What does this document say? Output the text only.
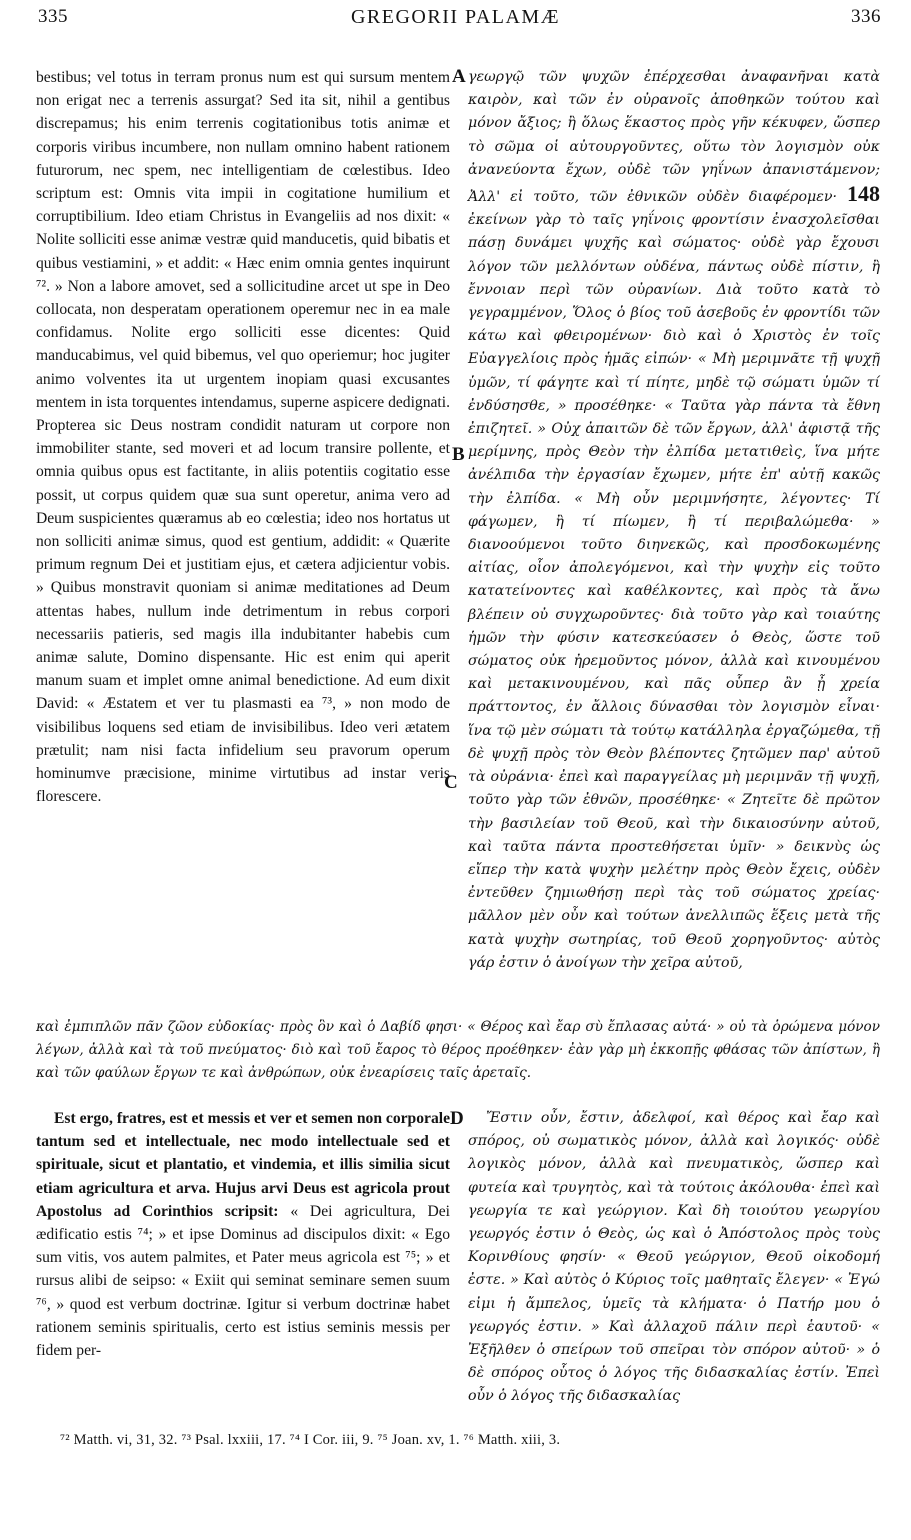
335	GREGORII PALAMÆ	336
A
B
C
D

bestibus; vel totus in terram pronus num est qui sursum mentem non erigat nec a terrenis assurgat? Sed ita sit, nihil a gentibus discrepamus; his enim terrenis cogitationibus totis animæ et corporis viribus incumbere, non nullam omnino habent rationem futurorum, nec spem, nec intelligentiam de cœlestibus. Ideo scriptum est: Omnis vita impii in cogitatione humilium et corruptibilium. Ideo etiam Christus in Evangeliis ad nos dixit: « Nolite solliciti esse animæ vestræ quid manducetis, quid bibatis et quibus vestiamini, » et addit: « Hæc enim omnia gentes inquirunt ⁷². » Non a labore amovet, sed a sollicitudine arcet ut spe in Deo collocata, non desperatam operationem operemur nec in ea male confidamus. Nolite ergo solliciti esse dicentes: Quid manducabimus, vel quid bibemus, vel quo operiemur; hoc jugiter animo volventes ita ut urgentem inopiam quasi excusantes mentem in ista torquentes intendamus, superne aspicere dedignati. Propterea sic Deus nostram condidit naturam ut corpore non immobiliter stante, sed moveri et ad locum transire pollente, et omnia quibus opus est factitante, in aliis potentiis cogitatio esse possit, ut corpus quidem quæ sua sunt operetur, anima vero ad Deum suspicientes quæramus ab eo cœlestia; ideo nos hortatus ut non solliciti animæ simus, quod est gentium, addidit: « Quærite primum regnum Dei et justitiam ejus, et cætera adjicientur vobis. » Quibus monstravit quoniam si animæ meditationes ad Deum attentas habes, nullum inde detrimentum in rebus corpori necessariis patieris, sed magis illa indubitanter habebis cum animæ salute, Domino dispensante. Hic est enim qui aperit manum suam et implet omne animal benedictione. Ad eum dixit David: « Æstatem et ver tu plasmasti ea ⁷³, » non modo de visibilibus loquens sed etiam de invisibilibus. Ideo veri ætatem prætulit; nam nisi facta infidelium seu pravorum operum hominumve præcisione, minime virtutibus ad instar veris florescere.

γεωργῷ τῶν ψυχῶν ἐπέρχεσθαι ἀναφανῆναι κατὰ καιρὸν, καὶ τῶν ἐν οὐρανοῖς ἀποθηκῶν τούτου καὶ μόνον ἄξιος; ἢ ὅλως ἕκαστος πρὸς γῆν κέκυφεν, ὥσπερ τὸ σῶμα οἱ αὐτουργοῦντες, οὕτω τὸν λογισμὸν οὐκ ἀνανεύοντα ἔχων, οὐδὲ τῶν γηΐνων ἀπανιστάμενον; Ἀλλ' εἰ τοῦτο, τῶν ἐθνικῶν οὐδὲν διαφέρομεν· 148 ἐκείνων γὰρ τὸ ταῖς γηΐνοις φροντίσιν ἐνασχολεῖσθαι πάσῃ δυνάμει ψυχῆς καὶ σώματος· οὐδὲ γὰρ ἔχουσι λόγον τῶν μελλόντων οὐδένα, πάντως οὐδὲ πίστιν, ἢ ἔννοιαν περὶ τῶν οὐρανίων. Διὰ τοῦτο κατὰ τὸ γεγραμμένον, Ὅλος ὁ βίος τοῦ ἀσεβοῦς ἐν φροντίδι τῶν κάτω καὶ φθειρομένων· διὸ καὶ ὁ Χριστὸς ἐν τοῖς Εὐαγγελίοις πρὸς ἡμᾶς εἰπών· « Μὴ μεριμνᾶτε τῇ ψυχῇ ὑμῶν, τί φάγητε καὶ τί πίητε, μηδὲ τῷ σώματι ὑμῶν τί ἐνδύσησθε, » προσέθηκε· « Ταῦτα γὰρ πάντα τὰ ἔθνη ἐπιζητεῖ. » Οὐχ ἀπαιτῶν δὲ τῶν ἔργων, ἀλλ' ἀφιστᾷ τῆς μερίμνης, πρὸς Θεὸν τὴν ἐλπίδα μετατιθεὶς, ἵνα μήτε ἀνέλπιδα τὴν ἐργασίαν ἔχωμεν, μήτε ἐπ' αὐτῇ κακῶς τὴν ἐλπίδα. « Μὴ οὖν μεριμνήσητε, λέγοντες· Τί φάγωμεν, ἢ τί πίωμεν, ἢ τί περιβαλώμεθα· » διανοούμενοι τοῦτο διηνεκῶς, καὶ προσδοκωμένης αἰτίας, οἷον ἀπολεγόμενοι, καὶ τὴν ψυχὴν εἰς τοῦτο κατατείνοντες καὶ καθέλκοντες, καὶ πρὸς τὰ ἄνω βλέπειν οὐ συγχωροῦντες· διὰ τοῦτο γὰρ καὶ τοιαύτης ἡμῶν τὴν φύσιν κατεσκεύασεν ὁ Θεὸς, ὥστε τοῦ σώματος οὐκ ἠρεμοῦντος μόνον, ἀλλὰ καὶ κινουμένου καὶ μετακινουμένου, καὶ πᾶς οὗπερ ἂν ᾖ χρεία πράττοντος, ἐν ἄλλοις δύνασθαι τὸν λογισμὸν εἶναι· ἵνα τῷ μὲν σώματι τὰ τούτῳ κατάλληλα ἐργαζώμεθα, τῇ δὲ ψυχῇ πρὸς τὸν Θεὸν βλέποντες ζητῶμεν παρ' αὐτοῦ τὰ οὐράνια· ἐπεὶ καὶ παραγγείλας μὴ μεριμνᾶν τῇ ψυχῇ, τοῦτο γὰρ τῶν ἐθνῶν, προσέθηκε· « Ζητεῖτε δὲ πρῶτον τὴν βασιλείαν τοῦ Θεοῦ, καὶ τὴν δικαιοσύνην αὐτοῦ, καὶ ταῦτα πάντα προστεθήσεται ὑμῖν· » δεικνὺς ὡς εἴπερ τὴν κατὰ ψυχὴν μελέτην πρὸς Θεὸν ἔχεις, οὐδὲν ἐντεῦθεν ζημιωθήσῃ περὶ τὰς τοῦ σώματος χρείας· μᾶλλον μὲν οὖν καὶ τούτων ἀνελλιπῶς ἕξεις μετὰ τῆς κατὰ ψυχὴν σωτηρίας, τοῦ Θεοῦ χορηγοῦντος· αὐτὸς γάρ ἐστιν ὁ ἀνοίγων τὴν χεῖρα αὐτοῦ,

καὶ ἐμπιπλῶν πᾶν ζῶον εὐδοκίας· πρὸς ὃν καὶ ὁ Δαβίδ φησι· « Θέρος καὶ ἔαρ σὺ ἔπλασας αὐτά· » οὐ τὰ ὁρώμενα μόνον λέγων, ἀλλὰ καὶ τὰ τοῦ πνεύματος· διὸ καὶ τοῦ ἔαρος τὸ θέρος προέθηκεν· ἐὰν γὰρ μὴ ἐκκοπῇς φθάσας τῶν ἀπίστων, ἢ καὶ τῶν φαύλων ἔργων τε καὶ ἀνθρώπων, οὐκ ἐνεαρίσεις ταῖς ἀρεταῖς.

Est ergo, fratres, est et messis et ver et semen non corporale tantum sed et intellectuale, nec modo intellectuale sed et spirituale, sicut et plantatio, et vindemia, et illis similia sicut etiam agricultura et arva. Hujus arvi Deus est agricola prout Apostolus ad Corinthios scripsit: « Dei agricultura, Dei ædificatio estis ⁷⁴; » et ipse Dominus ad discipulos dixit: « Ego sum vitis, vos autem palmites, et Pater meus agricola est ⁷⁵; » et rursus alibi de seipso: « Exiit qui seminat seminare semen suum ⁷⁶, » quod est verbum doctrinæ. Igitur si verbum doctrinæ habet rationem seminis spiritualis, certo est istius seminis messis per fidem per-

Ἔστιν οὖν, ἔστιν, ἀδελφοί, καὶ θέρος καὶ ἔαρ καὶ σπόρος, οὐ σωματικὸς μόνον, ἀλλὰ καὶ λογικός· οὐδὲ λογικὸς μόνον, ἀλλὰ καὶ πνευματικὸς, ὥσπερ καὶ φυτεία καὶ τρυγητὸς, καὶ τὰ τούτοις ἀκόλουθα· ἐπεὶ καὶ γεωργία τε καὶ γεώργιον. Καὶ δὴ τοιούτου γεωργίου γεωργός ἐστιν ὁ Θεὸς, ὡς καὶ ὁ Ἀπόστολος πρὸς τοὺς Κορινθίους φησίν· « Θεοῦ γεώργιον, Θεοῦ οἰκοδομή ἐστε. » Καὶ αὐτὸς ὁ Κύριος τοῖς μαθηταῖς ἔλεγεν· « Ἐγώ εἰμι ἡ ἄμπελος, ὑμεῖς τὰ κλήματα· ὁ Πατήρ μου ὁ γεωργός ἐστιν. » Καὶ ἀλλαχοῦ πάλιν περὶ ἑαυτοῦ· « Ἐξῆλθεν ὁ σπείρων τοῦ σπεῖραι τὸν σπόρον αὐτοῦ· » ὁ δὲ σπόρος οὗτος ὁ λόγος τῆς διδασκαλίας ἐστίν. Ἐπεὶ οὖν ὁ λόγος τῆς διδασκαλίας

⁷² Matth. vi, 31, 32. ⁷³ Psal. lxxiii, 17. ⁷⁴ I Cor. iii, 9. ⁷⁵ Joan. xv, 1. ⁷⁶ Matth. xiii, 3.
